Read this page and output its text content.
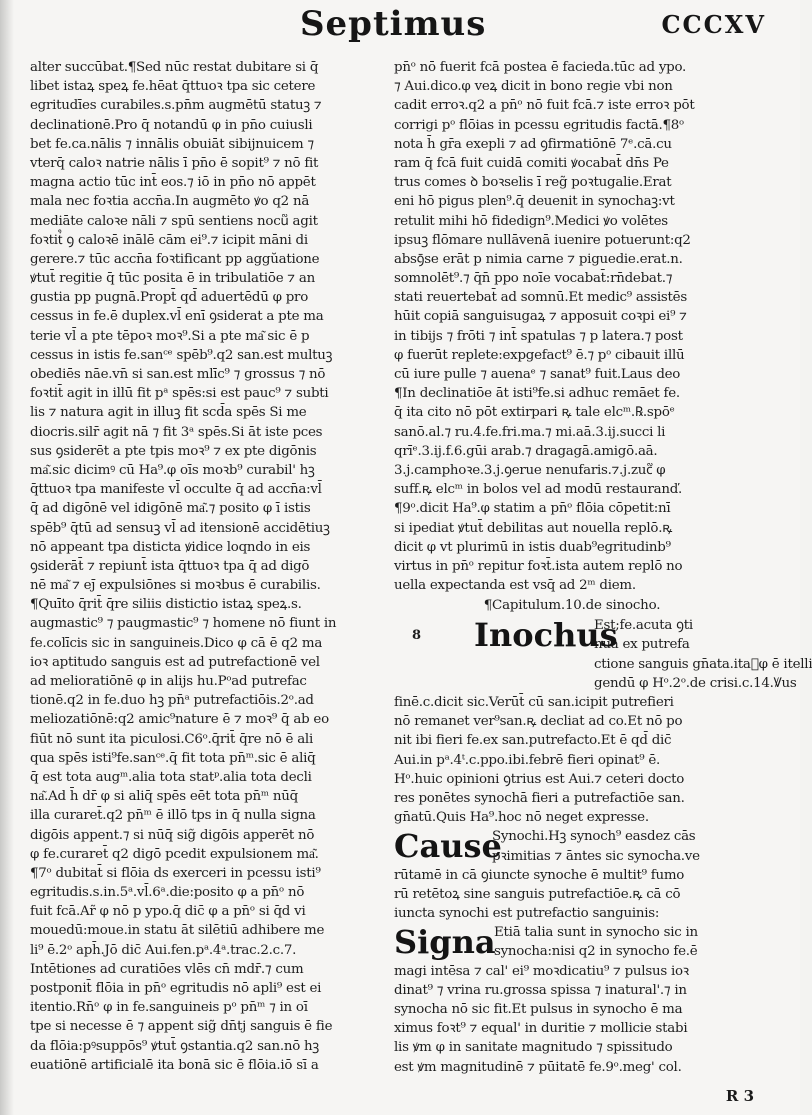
Septimus	CCCXV
alter succūbat.¶Sed nūc restat dubitare si q̄
libet istaꝝ speꝝ fe.hēat q̄ttuoꝛ tpa sic cetere
egritudīes curabiles.s.pn̄m augmētū statuꝫ ⁊
declinationē.Pro q̄ notandū φ in pn̄o cuiusli
bet fe.ca.nālis ⁊ innālis obuiāt sibijnuicem ⁊
vterq̄ caloꝛ natrie nālis ī pn̄o ē sopit⁹ ⁊ nō fit
magna actio tūc int̄ eos.⁊ iō in pn̄o nō appēt
mala nec foꝛtia accn̄a.In augmēto ꝟo q2 nā
mediāte caloꝛe nāli ⁊ spū sentiens nocu᷑ agit
foꝛtit᷒ ꝯ caloꝛē inālē cām ei⁹.⁊ icipit māni di
gerere.⁊ tūc accn̄a foꝛtificant pp aggŭatione
ꝟtut̄ regitie q̄ tūc posita ē in tribulatiōe ⁊ an
gustia pp pugnā.Propt̄ qd̄ aduertēdū φ pro
cessus in fe.ē duplex.vl̄ enī ꝯsiderat a pte ma
terie vl̄ a pte tēpoꝛ moꝛ⁹.Si a pte ma͂ sic ē p
cessus in istis fe.sanᶜᵉ spēb⁹.q2 san.est multuꝫ
obediēs nāe.vn̄ si san.est mlīc⁹ ⁊ grossus ⁊ nō
foꝛtit̄ agit in illū fit pᵃ spēs:si est pauc⁹ ⁊ subti
lis ⁊ natura agit in illuꝫ fit scd̄a spēs Si me
diocris.silr̄ agit nā ⁊ fit 3ᵃ spēs.Si āt iste pces
sus ꝯsiderēt a pte tpis moꝛ⁹ ⁊ ex pte digōnis
ma͂.sic dicimꝰ cū Ha⁹.φ oīs moꝛb⁹ curabil' hꝫ
q̄ttuoꝛ tpa manifeste vl̄ occulte q̄ ad accn̄a:vl̄
q̄ ad digōnē vel idigōnē ma͂.⁊ posito φ ī istis
spēb⁹ q̄tū ad sensuꝫ vl̄ ad itensionē accidētiuꝫ
nō appeant tpa disticta ꝟidice loqndo in eis
ꝯsiderāt̄ ⁊ repiunt̄ ista q̄ttuoꝛ tpa q̄ ad digō
nē ma͂ ⁊ ej̄ expulsiōnes si moꝛbus ē curabilis.
¶Quīto q̄rit̄ q̄re siliis distictio istaꝝ speꝝ.s.
augmastic⁹ ⁊ paugmastic⁹ ⁊ homene nō fiunt in
fe.colīcis sic in sanguineis.Dico φ cā ē q2 ma
ioꝛ aptitudo sanguis est ad putrefactionē vel
ad melioratiōnē φ in alijs hu.Pᵒad putrefac
tionē.q2 in fe.duo hꝫ pn̄ᵃ putrefactiōis.2ᵒ.ad
meliozatiōnē:q2 amic⁹nature ē ⁊ moꝛ⁹ q̄ ab eo
fiūt nō sunt ita piculosi.C6ᵒ.q̄rit̄ q̄re nō ē ali
qua spēs isti⁹fe.sanᶜᵉ.q̄ fit tota pn̄ᵐ.sic ē aliq̄
q̄ est tota augᵐ.alia tota statᵖ.alia tota decli
na͂.Ad h̄ dr̄ φ si aliq̄ spēs eēt tota pn̄ᵐ nūq̄
illa curaret̄.q2 pn̄ᵐ ē illō tps in q̄ nulla signa
digōis appent.⁊ si nūq̄ sig̃ digōis apperēt nō
φ fe.curaret̄ q2 digō pcedit expulsionem ma͂.
¶7ᵒ dubitat̄ si flōia ds exerceri in pcessu isti⁹
egritudis.s.in.5ᵃ.vl̄.6ᵃ.die:posito φ a pn̄ᵒ nō
fuit fcā.Ar̃ φ nō p ypo.q̄ dic̄ φ a pn̄ᵒ si q̄d vi
mouedū:moue.in statu āt silētiū adhibere me
li⁹ ē.2ᵒ aph̄.Jō dic̄ Aui.fen.pᵃ.4ᵃ.trac.2.c.7.
Intētiones ad curatiōes vlēs cn̄ mdr̄.⁊ cum
postponit̄ flōia in pn̄ᵒ egritudis nō apli⁹ est ei
itentio.Rn̄ᵒ φ in fe.sanguineis pᵒ pn̄ᵐ ⁊ in oī
tpe si necesse ē ⁊ appent sig̃ dn̄tj sanguis ē fie
da flōia:pꝰsuppōs⁹ ꝟtut̄ ꝯstantia.q2 san.nō hꝫ
euatiōnē artificialē ita bonā sic ē flōia.iō sī a
pn̄ᵒ nō fuerit fcā postea ē facieda.tūc ad ypo.
⁊ Aui.dico.φ veꝝ dicit in bono regie vbi non
cadit erroꝛ.q2 a pn̄ᵒ nō fuit fcā.⁊ iste erroꝛ pōt
corrigi pᵒ flōias in pcessu egritudis factā.¶8ᵒ
nota h̄ gr̄a exepli ⁊ ad ꝯfirmatiōnē 7ᵉ.cā.cu
ram q̄ fcā fuit cuidā comiti ꝟocabat̄ dn̄s Pe
trus comes ꝺ boꝛselis ī reg̃ poꝛtugalie.Erat
eni hō pigus plen⁹.q̄ deuenit in synochaꝫ:vt
retulit mihi hō fidedign⁹.Medici ꝟo volētes
ipsuꝫ flōmare nullāvenā iuenire potuerunt:q2
absꝯ̄se erāt p nimia carne ⁊ piguedie.erat.n.
somnolēt⁹.⁊ q̄n̄ ppo noīe vocabat̄:rn̄debat.⁊
stati reuertebat̄ ad somnū.Et medic⁹ assistēs
hūit copiā sanguisugaꝝ ⁊ apposuit coꝛpi ei⁹ ⁊
in tibijs ⁊ frōti ⁊ int̄ spatulas ⁊ p latera.⁊ post
φ fuerūt replete:expgefact⁹ ē.⁊ pᵒ cibauit illū
cū iure pulle ⁊ auenaᵉ ⁊ sanat⁹ fuit.Laus deo
¶In declinatiōe āt isti⁹fe.si adhuc remāet fe.
q̄ ita cito nō pōt extirpari ꝶ tale elcᵐ.℞.spōᵉ
sanō.al.⁊ ru.4.fe.fri.ma.⁊ mi.aā.3.ij.succi li
qrīᵉ.3.ij.f.6.gūi arab.⁊ dragagā.amigō.aā.
3.j.camphoꝛe.3.j.ꝯerue nenufaris.⁊.j.zuc᷑ φ
suff.ꝶ elcᵐ in bolos vel ad modū restauranď.
¶9ᵒ.dicit Ha⁹.φ statim a pn̄ᵒ flōia cōpetit:nī
si ipediat ꝟtut̄ debilitas aut nouella replō.ꝶ
dicit φ vt plurimū in istis duab⁹egritudinb⁹
virtus in pn̄ᵒ repitur foꝛt̄.ista autem replō no
uella expectanda est vsq̄ ad 2ᵐ diem.
¶Capitulum.10.de sinocho.
8 Inochus
Est;fe.acuta ꝯti
nua ex putrefa
ctione sanguis gn̄ata.ita᷑φ ē itelli
gendū φ Hᵒ.2ᵒ.de crisi.c.14.Ꝟus
finē.c.dicit sic.Verūt̄ cū san.icipit putrefieri
nō remanet ver⁹san.ꝶ decliat ad co.Et nō po
nit ibi fieri fe.ex san.putrefacto.Et ē qd̄ dic̄
Aui.in pᵃ.4ᵗ.c.ppo.ibi.febrē fieri opinat⁹ ē.
Hᵒ.huic opinioni ꝯtrius est Aui.⁊ ceteri docto
res ponētes synochā fieri a putrefactiōe san.
gn̄atū.Quis Ha⁹.hoc nō neget expresse.
Cause
Synochi.Hꝫ synoch⁹ easdez cās
pꝛimitias ⁊ āntes sic synocha.ve
rūtamē in cā ꝯiuncte synoche ē multit⁹ fumo
rū retētoꝝ sine sanguis putrefactiōe.ꝶ cā cō
iuncta synochi est putrefactio sanguinis:
Signa
Etiā talia sunt in synocho sic in
synocha:nisi q2 in synocho fe.ē
magi intēsa ⁊ cal' ei⁹ moꝛdicatiu⁹ ⁊ pulsus ioꝛ
dinat⁹ ⁊ vrina ru.grossa spissa ⁊ inatural'.⁊ in
synocha nō sic fit.Et pulsus in synocho ē ma
ximus foꝛt⁹ ⁊ equal' in duritie ⁊ mollicie stabi
lis ꝟm φ in sanitate magnitudo ⁊ spissitudo
est ꝟm magnitudinē ⁊ pūitatē fe.9ᵒ.meg' col.
R 3
